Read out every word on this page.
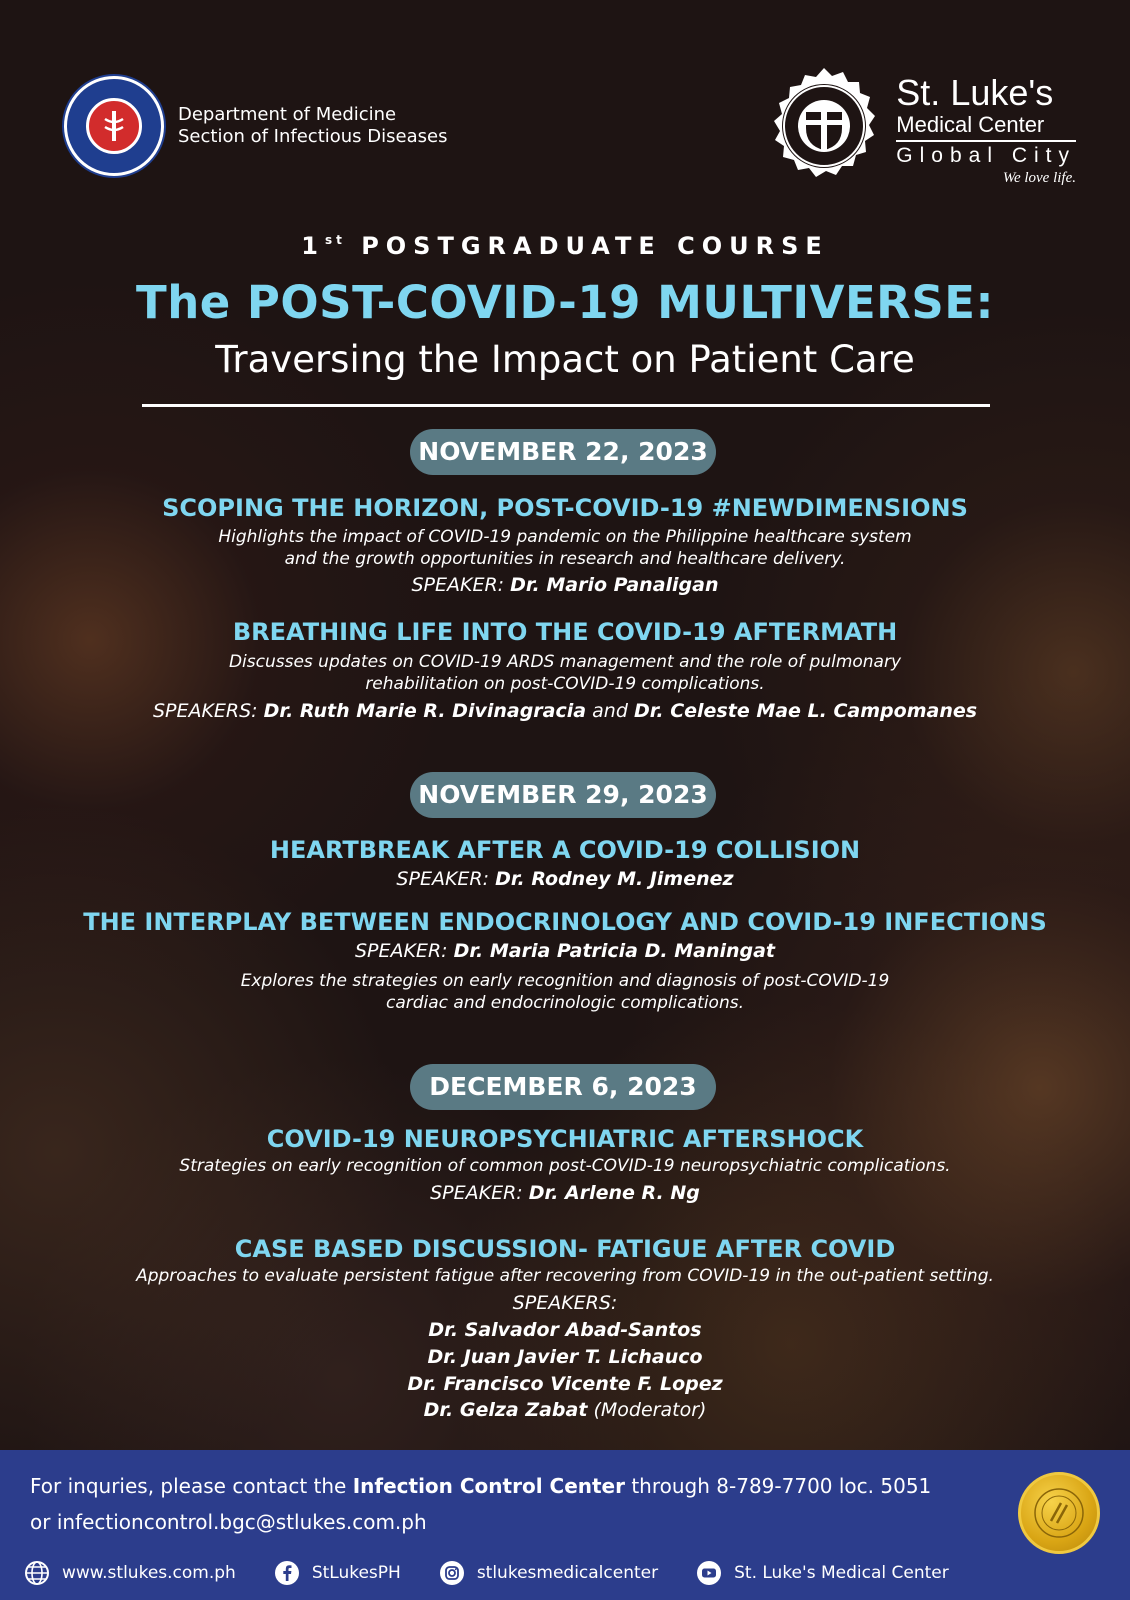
Department of Medicine
Section of Infectious Diseases
St. Luke's
Medical Center
Global City
We love life.
1st POSTGRADUATE COURSE
The POST-COVID-19 MULTIVERSE:
Traversing the Impact on Patient Care
NOVEMBER 22, 2023
SCOPING THE HORIZON, POST-COVID-19 #NEWDIMENSIONS
Highlights the impact of COVID-19 pandemic on the Philippine healthcare system
and the growth opportunities in research and healthcare delivery.
SPEAKER: Dr. Mario Panaligan
BREATHING LIFE INTO THE COVID-19 AFTERMATH
Discusses updates on COVID-19 ARDS management and the role of pulmonary
rehabilitation on post-COVID-19 complications.
SPEAKERS: Dr. Ruth Marie R. Divinagracia and Dr. Celeste Mae L. Campomanes
NOVEMBER 29, 2023
HEARTBREAK AFTER A COVID-19 COLLISION
SPEAKER: Dr. Rodney M. Jimenez
THE INTERPLAY BETWEEN ENDOCRINOLOGY AND COVID-19 INFECTIONS
SPEAKER: Dr. Maria Patricia D. Maningat
Explores the strategies on early recognition and diagnosis of post-COVID-19
cardiac and endocrinologic complications.
DECEMBER 6, 2023
COVID-19 NEUROPSYCHIATRIC AFTERSHOCK
Strategies on early recognition of common post-COVID-19 neuropsychiatric complications.
SPEAKER: Dr. Arlene R. Ng
CASE BASED DISCUSSION- FATIGUE AFTER COVID
Approaches to evaluate persistent fatigue after recovering from COVID-19 in the out-patient setting.
SPEAKERS:
Dr. Salvador Abad-Santos
Dr. Juan Javier T. Lichauco
Dr. Francisco Vicente F. Lopez
Dr. Gelza Zabat (Moderator)
For inquries, please contact the Infection Control Center through 8-789-7700 loc. 5051
or infectioncontrol.bgc@stlukes.com.ph
www.stlukes.com.ph	StLukesPH	stlukesmedicalcenter	St. Luke's Medical Center
